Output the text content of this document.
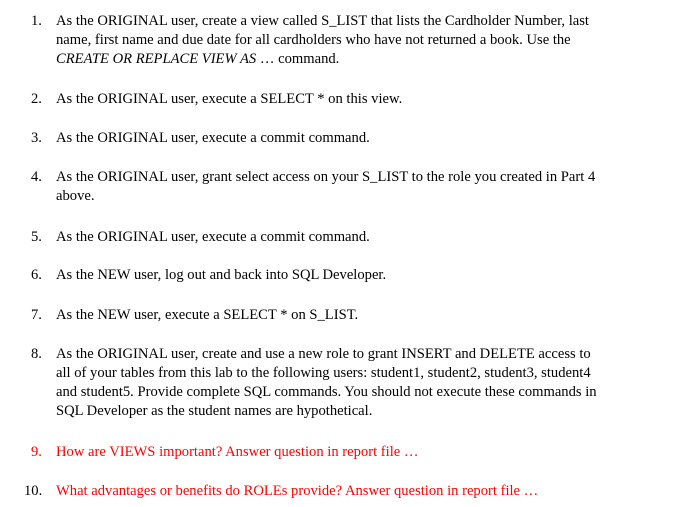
1. As the ORIGINAL user, create a view called S_LIST that lists the Cardholder Number, last
name, first name and due date for all cardholders who have not returned a book. Use the
CREATE OR REPLACE VIEW AS … command.
2. As the ORIGINAL user, execute a SELECT * on this view.
3. As the ORIGINAL user, execute a commit command.
4. As the ORIGINAL user, grant select access on your S_LIST to the role you created in Part 4
above.
5. As the ORIGINAL user, execute a commit command.
6. As the NEW user, log out and back into SQL Developer.
7. As the NEW user, execute a SELECT * on S_LIST.
8. As the ORIGINAL user, create and use a new role to grant INSERT and DELETE access to
all of your tables from this lab to the following users: student1, student2, student3, student4
and student5. Provide complete SQL commands. You should not execute these commands in
SQL Developer as the student names are hypothetical.
9. How are VIEWS important? Answer question in report file …
10. What advantages or benefits do ROLEs provide? Answer question in report file …
